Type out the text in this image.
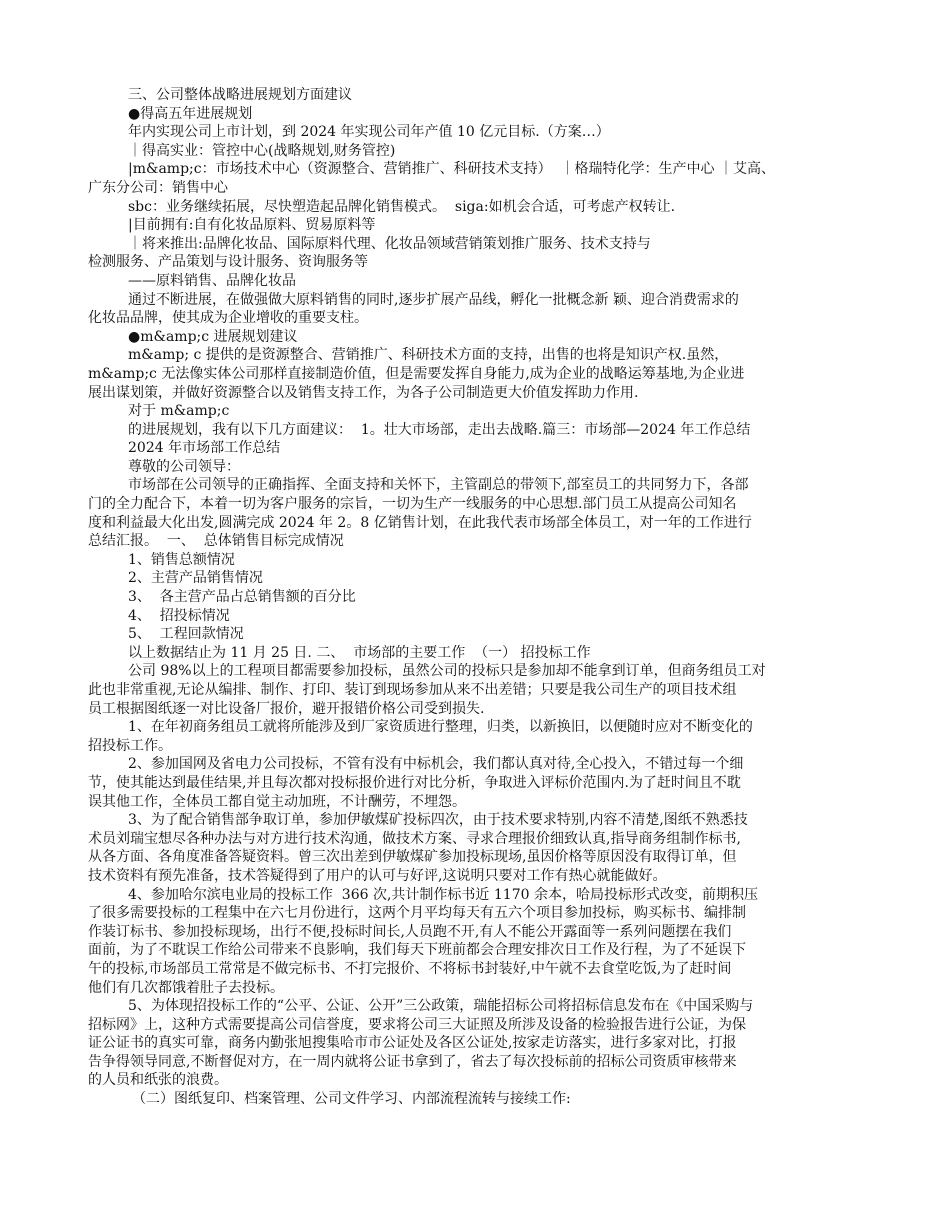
三、公司整体战略进展规划方面建议
●得高五年进展规划
年内实现公司上市计划，到 2024 年实现公司年产值 10 亿元目标.（方案…）
｜得高实业：管控中心(战略规划,财务管控)
|m&amp;c：市场技术中心（资源整合、营销推广、科研技术支持）  ｜格瑞特化学：生产中心 ｜艾高、
广东分公司：销售中心
sbc：业务继续拓展，尽快塑造起品牌化销售模式。  siga:如机会合适，可考虑产权转让.
|目前拥有:自有化妆品原料、贸易原料等
｜将来推出:品牌化妆品、国际原料代理、化妆品领域营销策划推广服务、技术支持与
检测服务、产品策划与设计服务、资询服务等
——原料销售、品牌化妆品
通过不断进展，在做强做大原料销售的同时,逐步扩展产品线，孵化一批概念新 颖、迎合消费需求的
化妆品品牌，使其成为企业增收的重要支柱。
●m&amp;c 进展规划建议
m&amp; c 提供的是资源整合、营销推广、科研技术方面的支持，出售的也将是知识产权.虽然，
m&amp;c 无法像实体公司那样直接制造价值，但是需要发挥自身能力,成为企业的战略运筹基地,为企业进
展出谋划策，并做好资源整合以及销售支持工作，为各子公司制造更大价值发挥助力作用.
对于 m&amp;c
的进展规划，我有以下几方面建议：  1。壮大市场部，走出去战略.篇三：市场部—2024 年工作总结
2024 年市场部工作总结
尊敬的公司领导：
市场部在公司领导的正确指挥、全面支持和关怀下，主管副总的带领下,部室员工的共同努力下，各部
门的全力配合下，本着一切为客户服务的宗旨，一切为生产一线服务的中心思想.部门员工从提高公司知名
度和利益最大化出发,圆满完成 2024 年 2。8 亿销售计划，在此我代表市场部全体员工，对一年的工作进行
总结汇报。  一、  总体销售目标完成情况
1、销售总额情况
2、主营产品销售情况
3、  各主营产品占总销售额的百分比
4、  招投标情况
5、  工程回款情况
以上数据结止为 11 月 25 日. 二、  市场部的主要工作  （一） 招投标工作
公司 98%以上的工程项目都需要参加投标，虽然公司的投标只是参加却不能拿到订单，但商务组员工对
此也非常重视,无论从编排、制作、打印、装订到现场参加从来不出差错；只要是我公司生产的项目技术组
员工根据图纸逐一对比设备厂报价，避开报错价格公司受到损失.
1、在年初商务组员工就将所能涉及到厂家资质进行整理，归类，以新换旧，以便随时应对不断变化的
招投标工作。
2、参加国网及省电力公司投标，不管有没有中标机会，我们都认真对待,全心投入，不错过每一个细
节，使其能达到最佳结果,并且每次都对投标报价进行对比分析，争取进入评标价范围内.为了赶时间且不耽
误其他工作，全体员工都自觉主动加班，不计酬劳，不埋怨。
3、为了配合销售部争取订单，参加伊敏煤矿投标四次，由于技术要求特别,内容不清楚,图纸不熟悉技
术员刘瑞宝想尽各种办法与对方进行技术沟通，做技术方案、寻求合理报价细致认真,指导商务组制作标书,
从各方面、各角度准备答疑资料。曾三次出差到伊敏煤矿参加投标现场,虽因价格等原因没有取得订单，但
技术资料有预先准备，技术答疑得到了用户的认可与好评,这说明只要对工作有热心就能做好。
4、参加哈尔滨电业局的投标工作  366 次,共计制作标书近 1170 余本，哈局投标形式改变，前期积压
了很多需要投标的工程集中在六七月份进行，这两个月平均每天有五六个项目参加投标，购买标书、编排制
作装订标书、参加投标现场，出行不便,投标时间长,人员跑不开,有人不能公开露面等一系列问题摆在我们
面前，为了不耽误工作给公司带来不良影响，我们每天下班前都会合理安排次日工作及行程，为了不延误下
午的投标,市场部员工常常是不做完标书、不打完报价、不将标书封装好,中午就不去食堂吃饭,为了赶时间
他们有几次都饿着肚子去投标。
5、为体现招投标工作的“公平、公证、公开”三公政策，瑞能招标公司将招标信息发布在《中国采购与
招标网》上，这种方式需要提高公司信誉度，要求将公司三大证照及所涉及设备的检验报告进行公证，为保
证公证书的真实可靠，商务内勤张旭搜集哈市市公证处及各区公证处,按家走访落实，进行多家对比，打报
告争得领导同意,不断督促对方，在一周内就将公证书拿到了，省去了每次投标前的招标公司资质审核带来
的人员和纸张的浪费。
（二）图纸复印、档案管理、公司文件学习、内部流程流转与接续工作:
